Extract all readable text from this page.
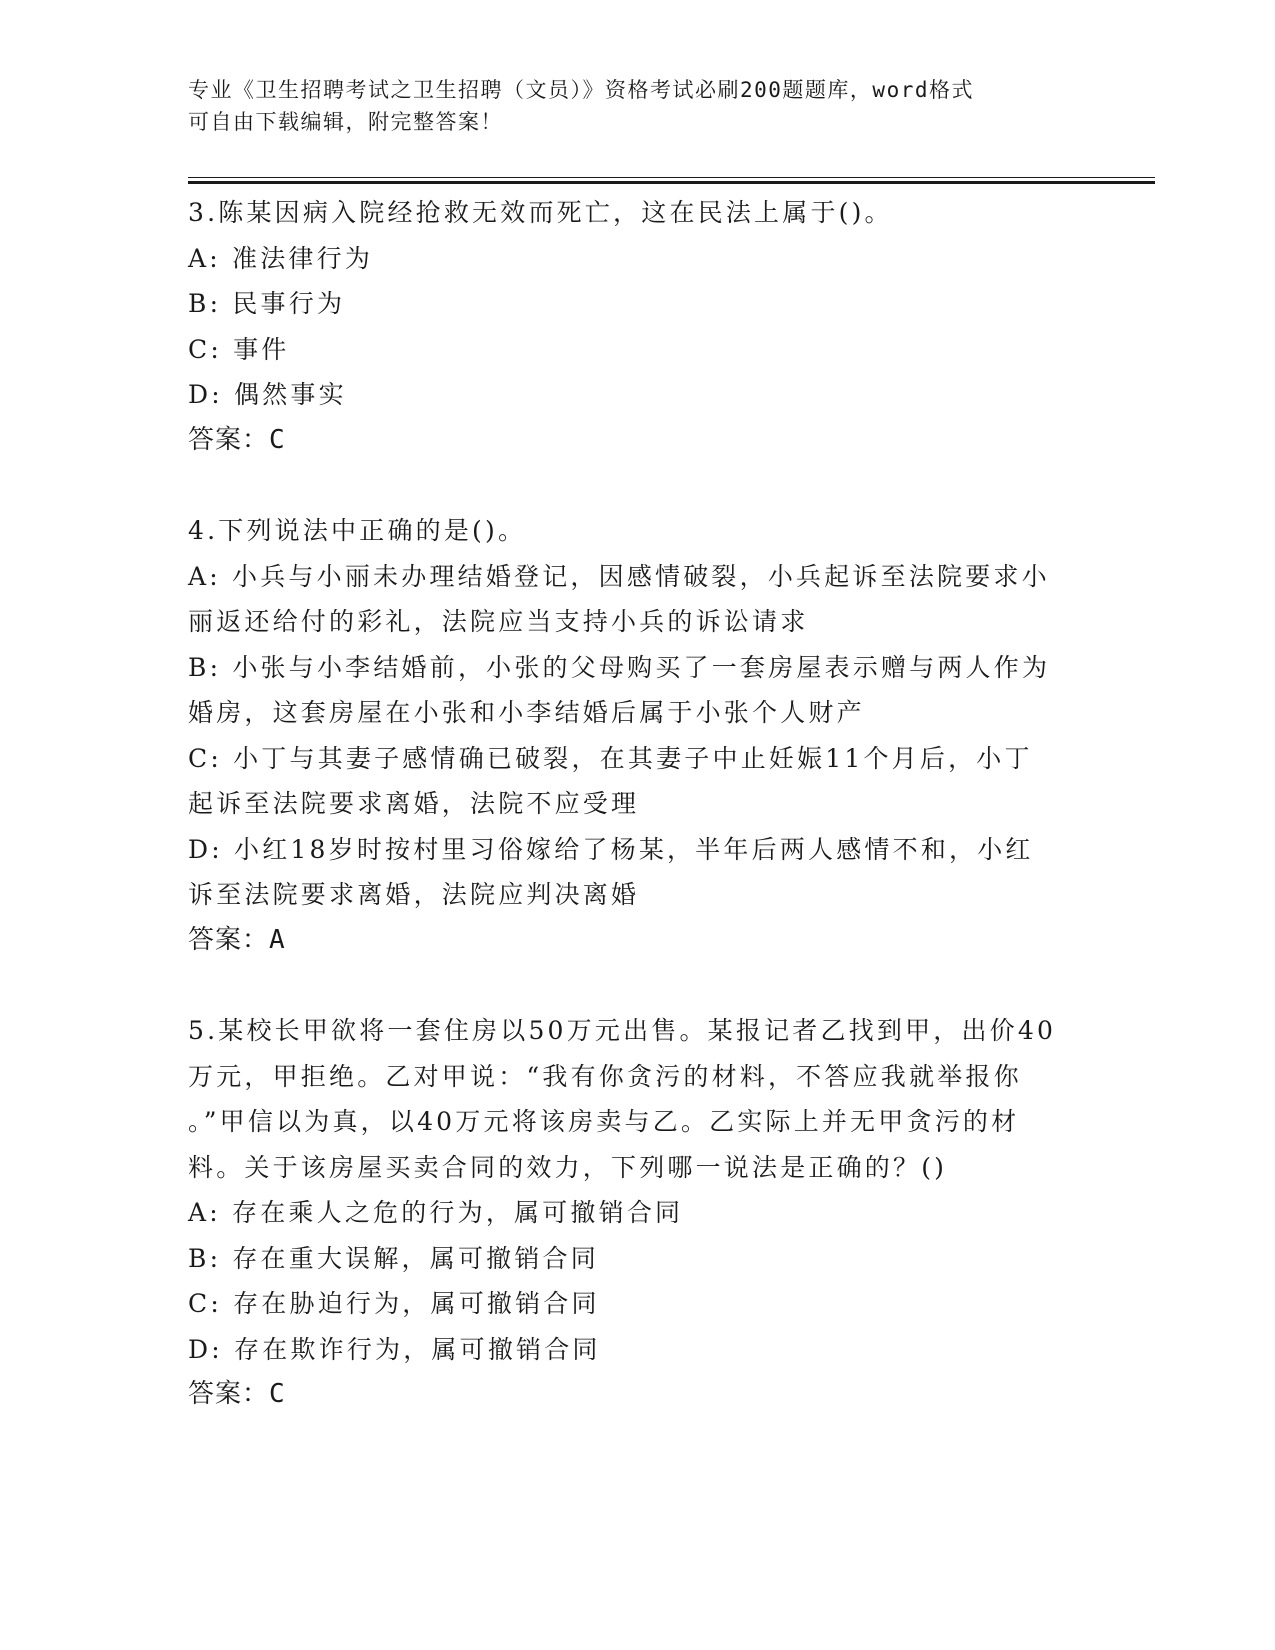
专业《卫生招聘考试之卫生招聘（文员）》资格考试必刷200题题库，word格式
可自由下载编辑，附完整答案！
3.陈某因病入院经抢救无效而死亡，这在民法上属于()。
A: 准法律行为
B: 民事行为
C: 事件
D: 偶然事实
答案：C
4.下列说法中正确的是()。
A: 小兵与小丽未办理结婚登记，因感情破裂，小兵起诉至法院要求小
丽返还给付的彩礼，法院应当支持小兵的诉讼请求
B: 小张与小李结婚前，小张的父母购买了一套房屋表示赠与两人作为
婚房，这套房屋在小张和小李结婚后属于小张个人财产
C: 小丁与其妻子感情确已破裂，在其妻子中止妊娠11个月后，小丁
起诉至法院要求离婚，法院不应受理
D: 小红18岁时按村里习俗嫁给了杨某，半年后两人感情不和，小红
诉至法院要求离婚，法院应判决离婚
答案：A
5.某校长甲欲将一套住房以50万元出售。某报记者乙找到甲，出价40
万元，甲拒绝。乙对甲说：“我有你贪污的材料，不答应我就举报你
。”甲信以为真，以40万元将该房卖与乙。乙实际上并无甲贪污的材
料。关于该房屋买卖合同的效力，下列哪一说法是正确的？()
A: 存在乘人之危的行为，属可撤销合同
B: 存在重大误解，属可撤销合同
C: 存在胁迫行为，属可撤销合同
D: 存在欺诈行为，属可撤销合同
答案：C
